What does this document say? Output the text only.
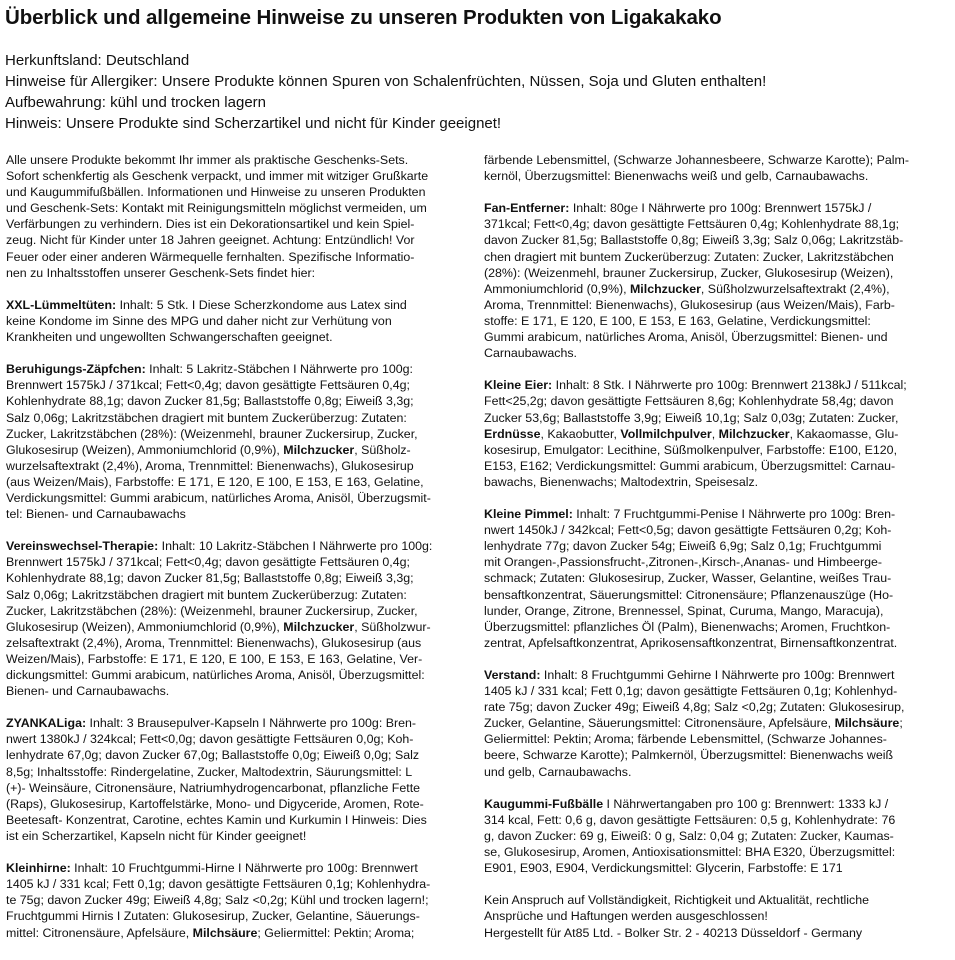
Überblick und allgemeine Hinweise zu unseren Produkten von Ligakakako
Herkunftsland: Deutschland
Hinweise für Allergiker: Unsere Produkte können Spuren von Schalenfrüchten, Nüssen, Soja und Gluten enthalten!
Aufbewahrung: kühl und trocken lagern
Hinweis: Unsere Produkte sind Scherzartikel und nicht für Kinder geeignet!
Alle unsere Produkte bekommt Ihr immer als praktische Geschenks-Sets.
Sofort schenkfertig als Geschenk verpackt, und immer mit witziger Grußkarte
und Kaugummifußbällen. Informationen und Hinweise zu unseren Produkten
und Geschenk-Sets: Kontakt mit Reinigungsmitteln möglichst vermeiden, um
Verfärbungen zu verhindern. Dies ist ein Dekorationsartikel und kein Spiel-
zeug. Nicht für Kinder unter 18 Jahren geeignet. Achtung: Entzündlich! Vor
Feuer oder einer anderen Wärmequelle fernhalten. Spezifische Informatio-
nen zu Inhaltsstoffen unserer Geschenk-Sets findet hier:
XXL-Lümmeltüten: Inhalt: 5 Stk. I Diese Scherzkondome aus Latex sind
keine Kondome im Sinne des MPG und daher nicht zur Verhütung von
Krankheiten und ungewollten Schwangerschaften geeignet.
Beruhigungs-Zäpfchen: Inhalt: 5 Lakritz-Stäbchen I Nährwerte pro 100g:
Brennwert 1575kJ / 371kcal; Fett<0,4g; davon gesättigte Fettsäuren 0,4g;
Kohlenhydrate 88,1g; davon Zucker 81,5g; Ballaststoffe 0,8g; Eiweiß 3,3g;
Salz 0,06g; Lakritzstäbchen dragiert mit buntem Zuckerüberzug: Zutaten:
Zucker, Lakritzstäbchen (28%): (Weizenmehl, brauner Zuckersirup, Zucker,
Glukosesirup (Weizen), Ammoniumchlorid (0,9%), Milchzucker, Süßholz-
wurzelsaftextrakt (2,4%), Aroma, Trennmittel: Bienenwachs), Glukosesirup
(aus Weizen/Mais), Farbstoffe: E 171, E 120, E 100, E 153, E 163, Gelatine,
Verdickungsmittel: Gummi arabicum, natürliches Aroma, Anisöl, Überzugsmit-
tel: Bienen- und Carnaubawachs
Vereinswechsel-Therapie: Inhalt: 10 Lakritz-Stäbchen I Nährwerte pro 100g:
Brennwert 1575kJ / 371kcal; Fett<0,4g; davon gesättigte Fettsäuren 0,4g;
Kohlenhydrate 88,1g; davon Zucker 81,5g; Ballaststoffe 0,8g; Eiweiß 3,3g;
Salz 0,06g; Lakritzstäbchen dragiert mit buntem Zuckerüberzug: Zutaten:
Zucker, Lakritzstäbchen (28%): (Weizenmehl, brauner Zuckersirup, Zucker,
Glukosesirup (Weizen), Ammoniumchlorid (0,9%), Milchzucker, Süßholzwur-
zelsaftextrakt (2,4%), Aroma, Trennmittel: Bienenwachs), Glukosesirup (aus
Weizen/Mais), Farbstoffe: E 171, E 120, E 100, E 153, E 163, Gelatine, Ver-
dickungsmittel: Gummi arabicum, natürliches Aroma, Anisöl, Überzugsmittel:
Bienen- und Carnaubawachs.
ZYANKALiga: Inhalt: 3 Brausepulver-Kapseln I Nährwerte pro 100g: Bren-
nwert 1380kJ / 324kcal; Fett<0,0g; davon gesättigte Fettsäuren 0,0g; Koh-
lenhydrate 67,0g; davon Zucker 67,0g; Ballaststoffe 0,0g; Eiweiß 0,0g; Salz
8,5g; Inhaltsstoffe: Rindergelatine, Zucker, Maltodextrin, Säurungsmittel: L
(+)- Weinsäure, Citronensäure, Natriumhydrogencarbonat, pflanzliche Fette
(Raps), Glukosesirup, Kartoffelstärke, Mono- und Digyceride, Aromen, Rote-
Beetesaft- Konzentrat, Carotine, echtes Kamin und Kurkumin I Hinweis: Dies
ist ein Scherzartikel, Kapseln nicht für Kinder geeignet!
Kleinhirne: Inhalt: 10 Fruchtgummi-Hirne I Nährwerte pro 100g: Brennwert
1405 kJ / 331 kcal; Fett 0,1g; davon gesättigte Fettsäuren 0,1g; Kohlenhydra-
te 75g; davon Zucker 49g; Eiweiß 4,8g; Salz <0,2g; Kühl und trocken lagern!;
Fruchtgummi Hirnis I Zutaten: Glukosesirup, Zucker, Gelantine, Säuerungs-
mittel: Citronensäure, Apfelsäure, Milchsäure; Geliermittel: Pektin; Aroma;
färbende Lebensmittel, (Schwarze Johannesbeere, Schwarze Karotte); Palm-
kernöl, Überzugsmittel: Bienenwachs weiß und gelb, Carnaubawachs.
Fan-Entferner: Inhalt: 80g℮ I Nährwerte pro 100g: Brennwert 1575kJ /
371kcal; Fett<0,4g; davon gesättigte Fettsäuren 0,4g; Kohlenhydrate 88,1g;
davon Zucker 81,5g; Ballaststoffe 0,8g; Eiweiß 3,3g; Salz 0,06g; Lakritzstäb-
chen dragiert mit buntem Zuckerüberzug: Zutaten: Zucker, Lakritzstäbchen
(28%): (Weizenmehl, brauner Zuckersirup, Zucker, Glukosesirup (Weizen),
Ammoniumchlorid (0,9%), Milchzucker, Süßholzwurzelsaftextrakt (2,4%),
Aroma, Trennmittel: Bienenwachs), Glukosesirup (aus Weizen/Mais), Farb-
stoffe: E 171, E 120, E 100, E 153, E 163, Gelatine, Verdickungsmittel:
Gummi arabicum, natürliches Aroma, Anisöl, Überzugsmittel: Bienen- und
Carnaubawachs.
Kleine Eier: Inhalt: 8 Stk. I Nährwerte pro 100g: Brennwert 2138kJ / 511kcal;
Fett<25,2g; davon gesättigte Fettsäuren 8,6g; Kohlenhydrate 58,4g; davon
Zucker 53,6g; Ballaststoffe 3,9g; Eiweiß 10,1g; Salz 0,03g; Zutaten: Zucker,
Erdnüsse, Kakaobutter, Vollmilchpulver, Milchzucker, Kakaomasse, Glu-
kosesirup, Emulgator: Lecithine, Süßmolkenpulver, Farbstoffe: E100, E120,
E153, E162; Verdickungsmittel: Gummi arabicum, Überzugsmittel: Carnau-
bawachs, Bienenwachs; Maltodextrin, Speisesalz.
Kleine Pimmel: Inhalt: 7 Fruchtgummi-Penise I Nährwerte pro 100g: Bren-
nwert 1450kJ / 342kcal; Fett<0,5g; davon gesättigte Fettsäuren 0,2g; Koh-
lenhydrate 77g; davon Zucker 54g; Eiweiß 6,9g; Salz 0,1g; Fruchtgummi
mit Orangen-,Passionsfrucht-,Zitronen-,Kirsch-,Ananas- und Himbeerge-
schmack; Zutaten: Glukosesirup, Zucker, Wasser, Gelantine, weißes Trau-
bensaftkonzentrat, Säuerungsmittel: Citronensäure; Pflanzenauszüge (Ho-
lunder, Orange, Zitrone, Brennessel, Spinat, Curuma, Mango, Maracuja),
Überzugsmittel: pflanzliches Öl (Palm), Bienenwachs; Aromen, Fruchtkon-
zentrat, Apfelsaftkonzentrat, Aprikosensaftkonzentrat, Birnensaftkonzentrat.
Verstand: Inhalt: 8 Fruchtgummi Gehirne I Nährwerte pro 100g: Brennwert
1405 kJ / 331 kcal; Fett 0,1g; davon gesättigte Fettsäuren 0,1g; Kohlenhyd-
rate 75g; davon Zucker 49g; Eiweiß 4,8g; Salz <0,2g; Zutaten: Glukosesirup,
Zucker, Gelantine, Säuerungsmittel: Citronensäure, Apfelsäure, Milchsäure;
Geliermittel: Pektin; Aroma; färbende Lebensmittel, (Schwarze Johannes-
beere, Schwarze Karotte); Palmkernöl, Überzugsmittel: Bienenwachs weiß
und gelb, Carnaubawachs.
Kaugummi-Fußbälle I Nährwertangaben pro 100 g: Brennwert: 1333 kJ /
314 kcal, Fett: 0,6 g, davon gesättigte Fettsäuren: 0,5 g, Kohlenhydrate: 76
g, davon Zucker: 69 g, Eiweiß: 0 g, Salz: 0,04 g; Zutaten: Zucker, Kaumas-
se, Glukosesirup, Aromen, Antioxisationsmittel: BHA E320, Überzugsmittel:
E901, E903, E904, Verdickungsmittel: Glycerin, Farbstoffe: E 171
Kein Anspruch auf Vollständigkeit, Richtigkeit und Aktualität, rechtliche
Ansprüche und Haftungen werden ausgeschlossen!
Hergestellt für At85 Ltd. - Bolker Str. 2 - 40213 Düsseldorf - Germany
